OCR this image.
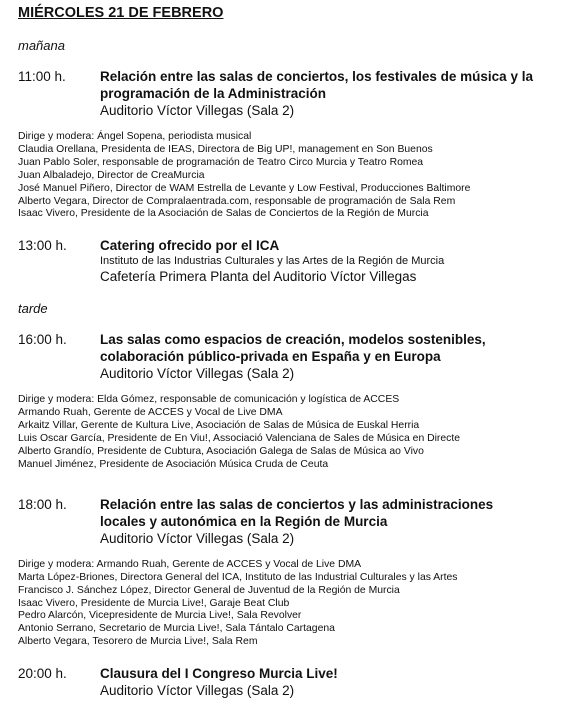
MIÉRCOLES 21 DE FEBRERO
mañana
11:00 h.	Relación entre las salas de conciertos, los festivales de música y la
programación de la Administración
Auditorio Víctor Villegas (Sala 2)
Dirige y modera: Ángel Sopena, periodista musical
Claudia Orellana, Presidenta de IEAS, Directora de Big UP!, management en Son Buenos
Juan Pablo Soler, responsable de programación de Teatro Circo Murcia y Teatro Romea
Juan Albaladejo, Director de CreaMurcia
José Manuel Piñero, Director de WAM Estrella de Levante y Low Festival, Producciones Baltimore
Alberto Vegara, Director de Compralaentrada.com, responsable de programación de Sala Rem
Isaac Vivero, Presidente de la Asociación de Salas de Conciertos de la Región de Murcia
13:00 h.	Catering ofrecido por el ICA
Instituto de las Industrias Culturales y las Artes de la Región de Murcia
Cafetería Primera Planta del Auditorio Víctor Villegas
tarde
16:00 h.	Las salas como espacios de creación, modelos sostenibles,
colaboración público-privada en España y en Europa
Auditorio Víctor Villegas (Sala 2)
Dirige y modera: Elda Gómez, responsable de comunicación y logística de ACCES
Armando Ruah, Gerente de ACCES y Vocal de Live DMA
Arkaitz Villar, Gerente de Kultura Live, Asociación de Salas de Música de Euskal Herria
Luis Oscar García, Presidente de En Viu!, Associació Valenciana de Sales de Música en Directe
Alberto Grandío, Presidente de Cubtura, Asociación Galega de Salas de Música ao Vivo
Manuel Jiménez, Presidente de Asociación Música Cruda de Ceuta
18:00 h.	Relación entre las salas de conciertos y las administraciones
locales y autonómica en la Región de Murcia
Auditorio Víctor Villegas (Sala 2)
Dirige y modera: Armando Ruah, Gerente de ACCES y Vocal de Live DMA
Marta López-Briones, Directora General del ICA, Instituto de las Industrial Culturales y las Artes
Francisco J. Sánchez López, Director General de Juventud de la Región de Murcia
Isaac Vivero, Presidente de Murcia Live!, Garaje Beat Club
Pedro Alarcón, Vicepresidente de Murcia Live!, Sala Revolver
Antonio Serrano, Secretario de Murcia Live!, Sala Tántalo Cartagena
Alberto Vegara, Tesorero de Murcia Live!, Sala Rem
20:00 h.	Clausura del I Congreso Murcia Live!
Auditorio Víctor Villegas (Sala 2)
